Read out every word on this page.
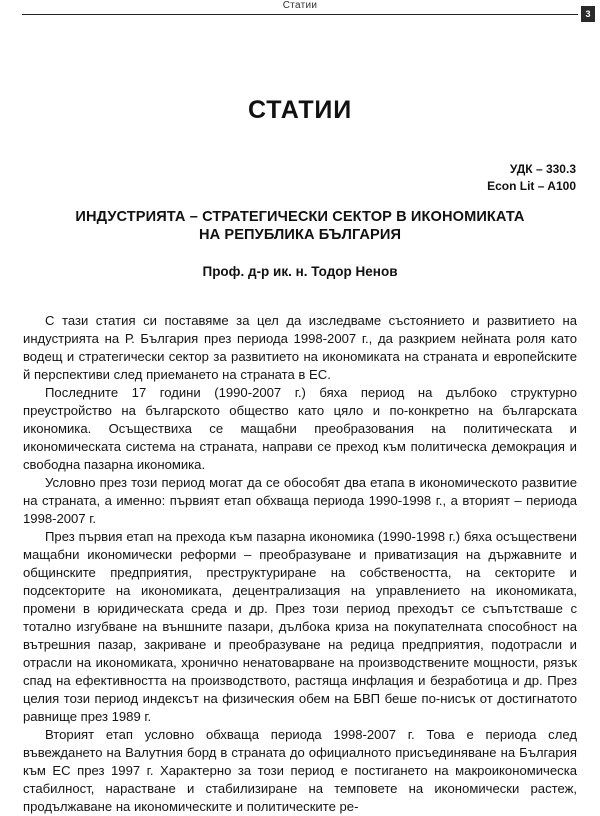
Статии
3
СТАТИИ
УДК – 330.3
Econ Lit – A100
ИНДУСТРИЯТА – СТРАТЕГИЧЕСКИ СЕКТОР В ИКОНОМИКАТА
НА РЕПУБЛИКА БЪЛГАРИЯ
Проф. д-р ик. н. Тодор Ненов

С тази статия си поставяме за цел да изследваме състоянието и развитието на индустрията на Р. България през периода 1998-2007 г., да разкрием нейната роля като водещ и стратегически сектор за развитието на икономиката на страната и европейските й перспективи след приемането на страната в ЕС.

Последните 17 години (1990-2007 г.) бяха период на дълбоко структурно преустройство на българското общество като цяло и по-конкретно на българската икономика. Осъществиха се мащабни преобразования на политическата и икономическата система на страната, направи се преход към политическа демокрация и свободна пазарна икономика.

Условно през този период могат да се обособят два етапа в икономическото развитие на страната, а именно: първият етап обхваща периода 1990-1998 г., а вторият – периода 1998-2007 г.

През първия етап на прехода към пазарна икономика (1990-1998 г.) бяха осъществени мащабни икономически реформи – преобразуване и приватизация на държавните и общинските предприятия, преструктуриране на собствеността, на секторите и подсекторите на икономиката, децентрализация на управлението на икономиката, промени в юридическата среда и др. През този период преходът се съпътстваше с тотално изгубване на външните пазари, дълбока криза на покупателната способност на вътрешния пазар, закриване и преобразуване на редица предприятия, подотрасли и отрасли на икономиката, хронично ненатоварване на производствените мощности, рязък спад на ефективността на производството, растяща инфлация и безработица и др. През целия този период индексът на физическия обем на БВП беше по-нисък от достигнатото равнище през 1989 г.

Вторият етап условно обхваща периода 1998-2007 г. Това е периода след въвеждането на Валутния борд в страната до официалното присъединяване на България към ЕС през 1997 г. Характерно за този период е постигането на макроикономическа стабилност, нарастване и стабилизиране на темповете на икономически растеж, продължаване на икономическите и политическите ре-
